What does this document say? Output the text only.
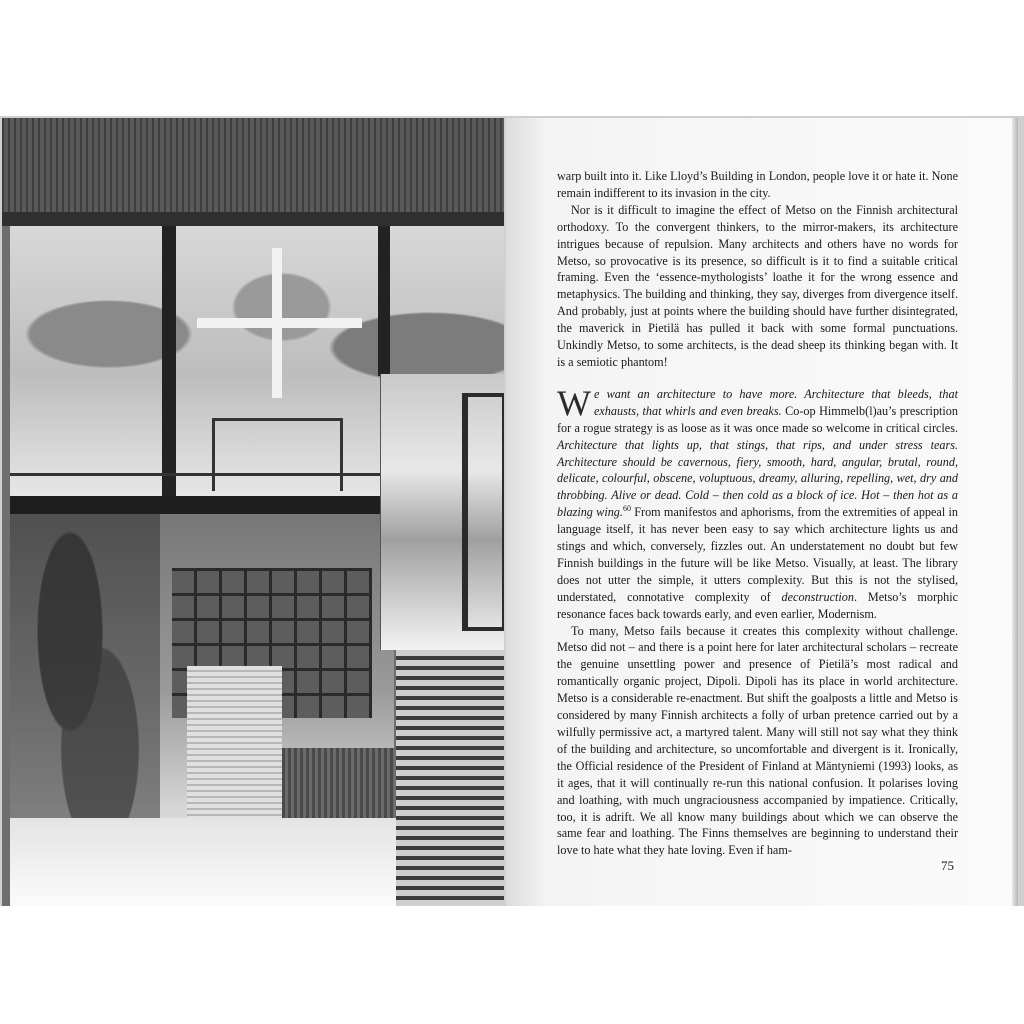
warp built into it. Like Lloyd’s Building in London, people love it or hate it. None remain indifferent to its invasion in the city.

Nor is it difficult to imagine the effect of Metso on the Finnish architectural orthodoxy. To the convergent thinkers, to the mirror-makers, its architecture intrigues because of repulsion. Many architects and others have no words for Metso, so provocative is its presence, so difficult is it to find a suitable critical framing. Even the ‘essence-mythologists’ loathe it for the wrong essence and metaphysics. The building and thinking, they say, diverges from divergence itself. And probably, just at points where the building should have further disintegrated, the maverick in Pietilä has pulled it back with some formal punctuations. Unkindly Metso, to some architects, is the dead sheep its thinking began with. It is a semiotic phantom!

We want an architecture to have more. Architecture that bleeds, that exhausts, that whirls and even breaks. Co-op Himmelb(l)au’s prescription for a rogue strategy is as loose as it was once made so welcome in critical circles. Architecture that lights up, that stings, that rips, and under stress tears. Architecture should be cavernous, fiery, smooth, hard, angular, brutal, round, delicate, colourful, obscene, voluptuous, dreamy, alluring, repelling, wet, dry and throbbing. Alive or dead. Cold – then cold as a block of ice. Hot – then hot as a blazing wing.$^{60}$ From manifestos and aphorisms, from the extremities of appeal in language itself, it has never been easy to say which architecture lights us and stings and which, conversely, fizzles out. An understatement no doubt but few Finnish buildings in the future will be like Metso. Visually, at least. The library does not utter the simple, it utters complexity. But this is not the stylised, understated, connotative complexity of deconstruction. Metso’s morphic resonance faces back towards early, and even earlier, Modernism.

To many, Metso fails because it creates this complexity without challenge. Metso did not – and there is a point here for later architectural scholars – recreate the genuine unsettling power and presence of Pietilä’s most radical and romantically organic project, Dipoli. Dipoli has its place in world architecture. Metso is a considerable re-enactment. But shift the goalposts a little and Metso is considered by many Finnish architects a folly of urban pretence carried out by a wilfully permissive act, a martyred talent. Many will still not say what they think of the building and architecture, so uncomfortable and divergent is it. Ironically, the Official residence of the President of Finland at Mäntyniemi (1993) looks, as it ages, that it will continually re-run this national confusion. It polarises loving and loathing, with much ungraciousness accompanied by impatience. Critically, too, it is adrift. We all know many buildings about which we can observe the same fear and loathing. The Finns themselves are beginning to understand their love to hate what they hate loving. Even if ham-

75
